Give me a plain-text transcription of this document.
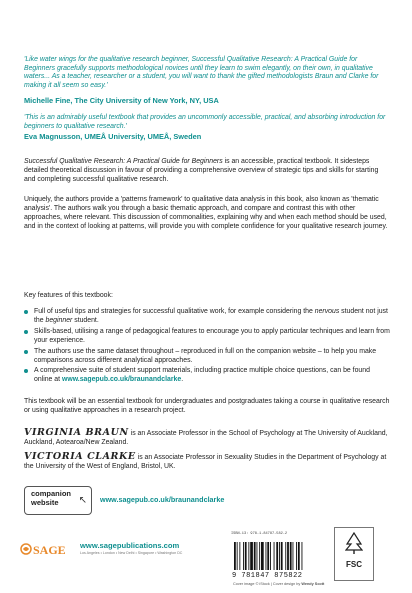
'Like water wings for the qualitative research beginner, Successful Qualitative Research: A Practical Guide for Beginners gracefully supports methodological novices until they learn to swim elegantly, on their own, in qualitative waters... As a teacher, researcher or a student, you will want to thank the gifted methodologists Braun and Clarke for making it all seem so easy.'
Michelle Fine, The City University of New York, NY, USA
'This is an admirably useful textbook that provides an uncommonly accessible, practical, and absorbing introduction for beginners to qualitative research.'
Eva Magnusson, UMEÅ University, UMEÅ, Sweden
Successful Qualitative Research: A Practical Guide for Beginners is an accessible, practical textbook. It sidesteps detailed theoretical discussion in favour of providing a comprehensive overview of strategic tips and skills for starting and completing successful qualitative research.
Uniquely, the authors provide a 'patterns framework' to qualitative data analysis in this book, also known as 'thematic analysis'. The authors walk you through a basic thematic approach, and compare and contrast this with other approaches, where relevant. This discussion of commonalities, explaining why and when each method should be used, and in the context of looking at patterns, will provide you with complete confidence for your qualitative research journey.
Key features of this textbook:
Full of useful tips and strategies for successful qualitative work, for example considering the nervous student not just the beginner student.
Skills-based, utilising a range of pedagogical features to encourage you to apply particular techniques and learn from your experience.
The authors use the same dataset throughout – reproduced in full on the companion website – to help you make comparisons across different analytical approaches.
A comprehensive suite of student support materials, including practice multiple choice questions, can be found online at www.sagepub.co.uk/braunandclarke.
This textbook will be an essential textbook for undergraduates and postgraduates taking a course in qualitative research or using qualitative approaches in a research project.
VIRGINIA BRAUN is an Associate Professor in the School of Psychology at The University of Auckland, Auckland, Aotearoa/New Zealand.
VICTORIA CLARKE is an Associate Professor in Sexuality Studies in the Department of Psychology at the University of the West of England, Bristol, UK.
companion
website	↖ www.sagepub.co.uk/braunandclarke
SAGE www.sagepublications.com
Los Angeles • London • New Delhi • Singapore • Washington DC
ISBN-13: 978-1-84787-582-2
9 781847 875822
FSC
Cover image © iStock | Cover design by Wendy Scott
